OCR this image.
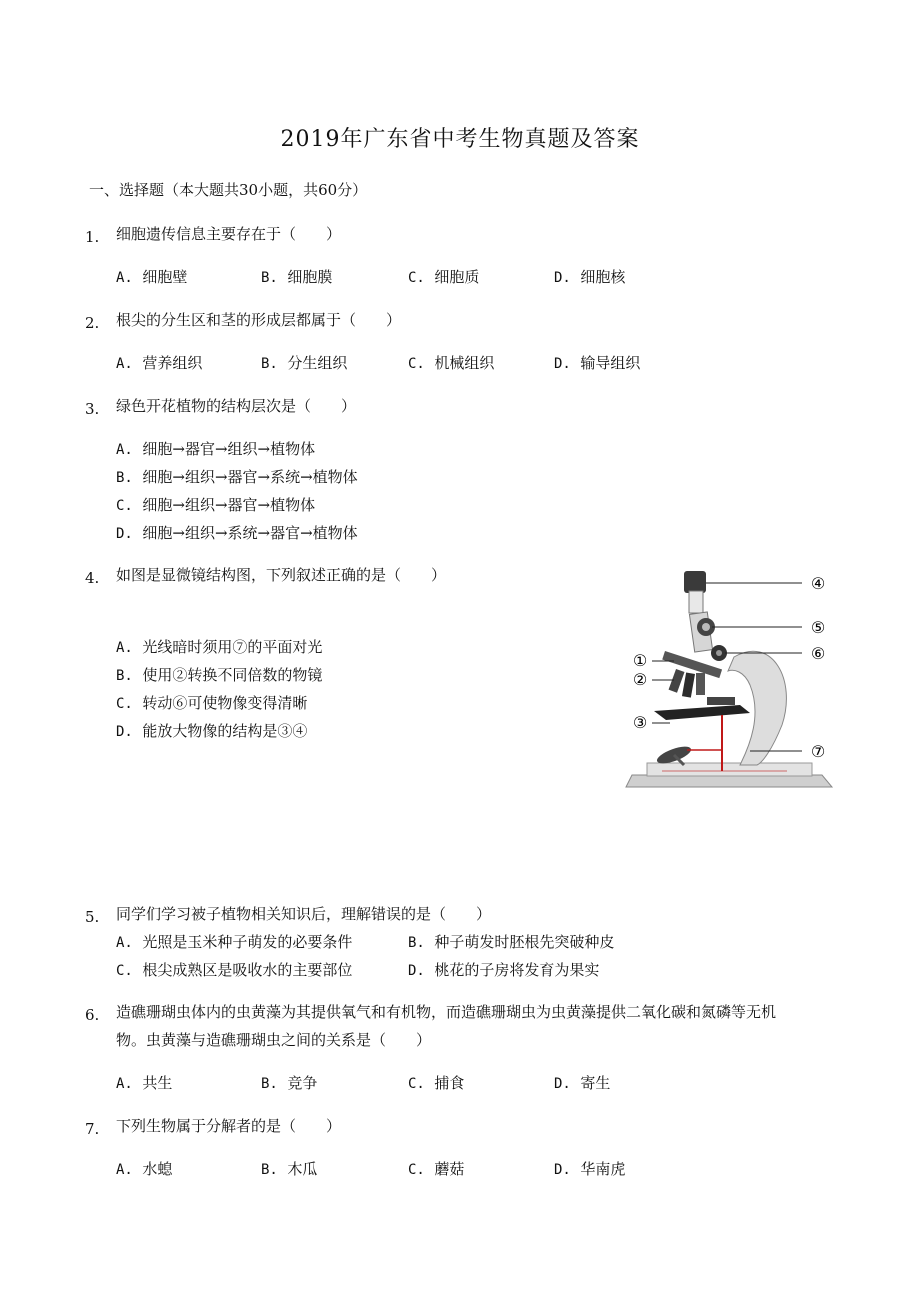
2019年广东省中考生物真题及答案
一、选择题（本大题共30小题，共60分）
1. 细胞遗传信息主要存在于（　　）
A. 细胞壁	B. 细胞膜	C. 细胞质	D. 细胞核
2. 根尖的分生区和茎的形成层都属于（　　）
A. 营养组织	B. 分生组织	C. 机械组织	D. 输导组织
3. 绿色开花植物的结构层次是（　　）
A. 细胞→器官→组织→植物体
B. 细胞→组织→器官→系统→植物体
C. 细胞→组织→器官→植物体
D. 细胞→组织→系统→器官→植物体
4. 如图是显微镜结构图，下列叙述正确的是（　　）
A. 光线暗时须用⑦的平面对光
B. 使用②转换不同倍数的物镜
C. 转动⑥可使物像变得清晰
D. 能放大物像的结构是③④
④
⑤
⑥
①
②
③
⑦
5. 同学们学习被子植物相关知识后，理解错误的是（　　）
A. 光照是玉米种子萌发的必要条件	B. 种子萌发时胚根先突破种皮
C. 根尖成熟区是吸收水的主要部位	D. 桃花的子房将发育为果实
6. 造礁珊瑚虫体内的虫黄藻为其提供氧气和有机物，而造礁珊瑚虫为虫黄藻提供二氧化碳和氮磷等无机
物。虫黄藻与造礁珊瑚虫之间的关系是（　　）
A. 共生	B. 竞争	C. 捕食	D. 寄生
7. 下列生物属于分解者的是（　　）
A. 水螅	B. 木瓜	C. 蘑菇	D. 华南虎
